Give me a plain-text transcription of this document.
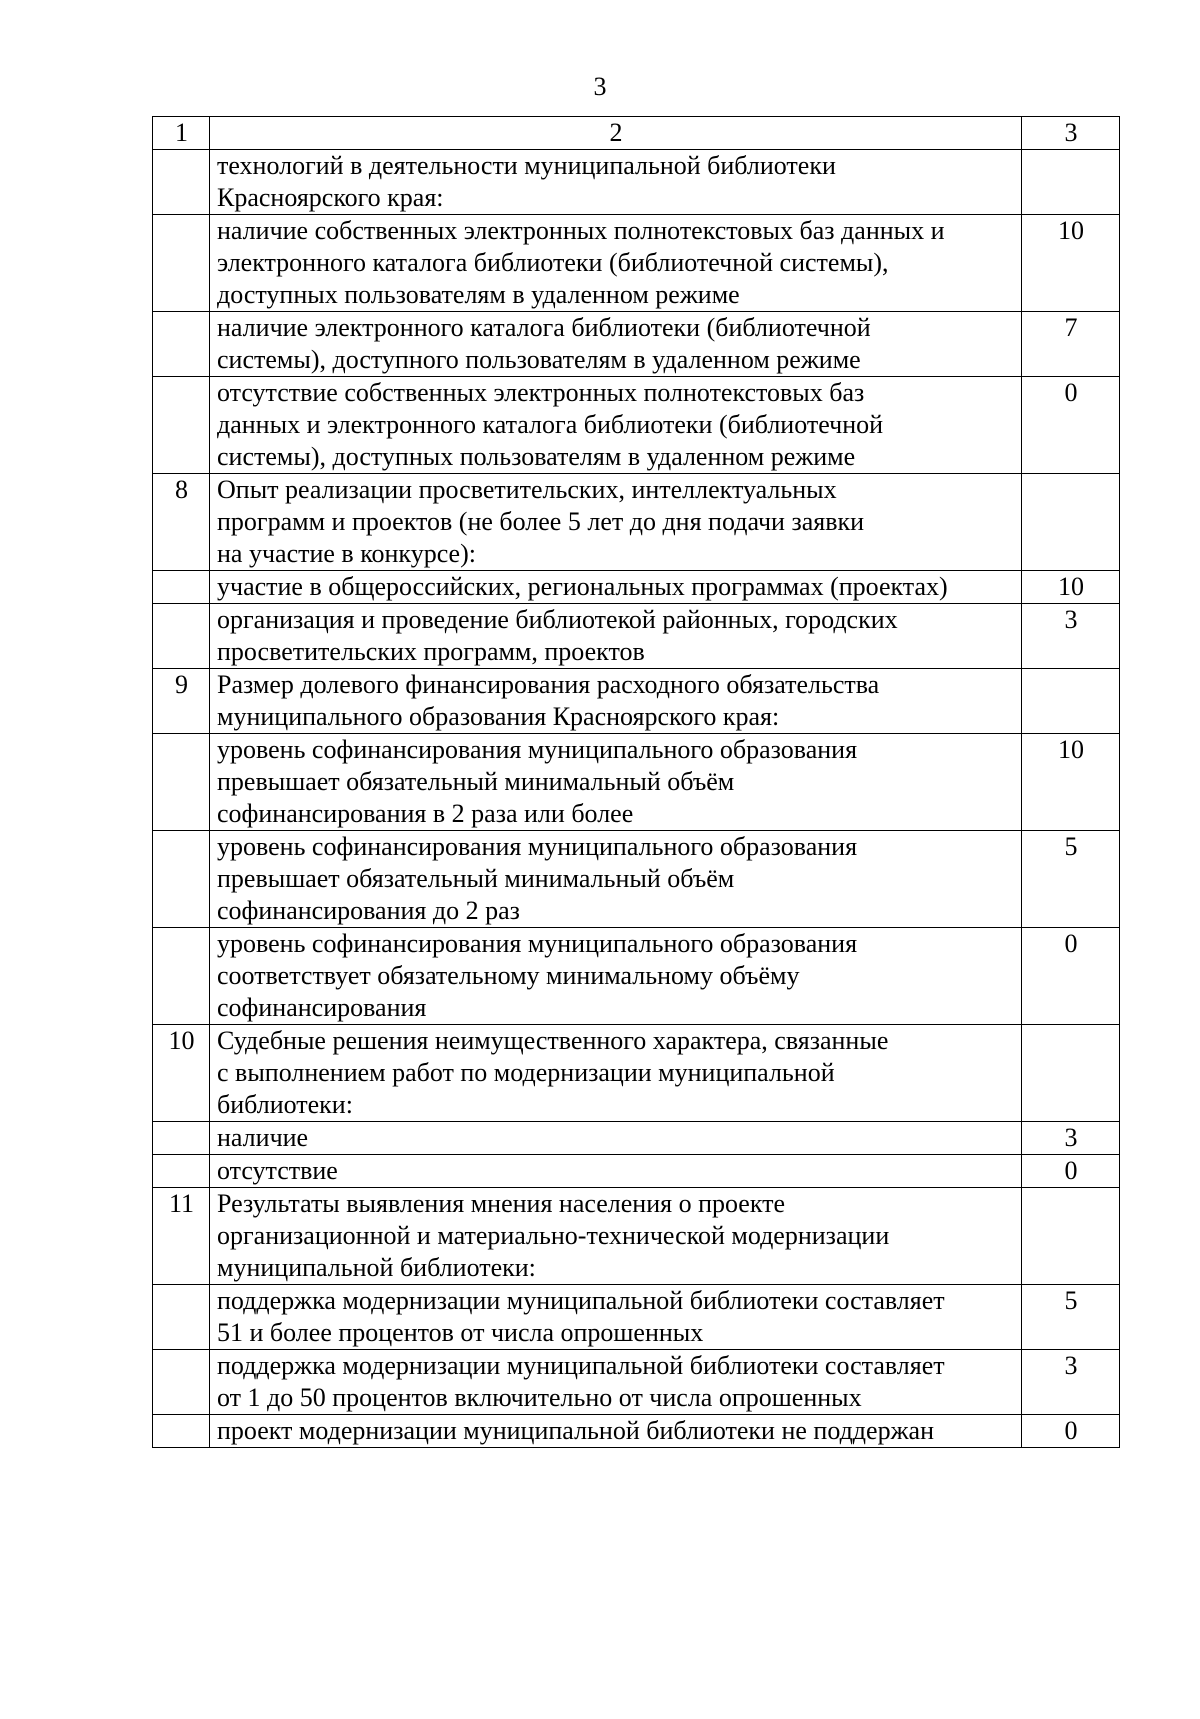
3
1	2	3
	технологий в деятельности муниципальной библиотеки
Красноярского края:	
	наличие собственных электронных полнотекстовых баз данных и
электронного каталога библиотеки (библиотечной системы),
доступных пользователям в удаленном режиме	10
	наличие электронного каталога библиотеки (библиотечной
системы), доступного пользователям в удаленном режиме	7
	отсутствие собственных электронных полнотекстовых баз
данных и электронного каталога библиотеки (библиотечной
системы), доступных пользователям в удаленном режиме	0
8	Опыт реализации просветительских, интеллектуальных
программ и проектов (не более 5 лет до дня подачи заявки
на участие в конкурсе):	
	участие в общероссийских, региональных программах (проектах)	10
	организация и проведение библиотекой районных, городских
просветительских программ, проектов	3
9	Размер долевого финансирования расходного обязательства
муниципального образования Красноярского края:	
	уровень софинансирования муниципального образования
превышает обязательный минимальный объём
софинансирования в 2 раза или более	10
	уровень софинансирования муниципального образования
превышает обязательный минимальный объём
софинансирования до 2 раз	5
	уровень софинансирования муниципального образования
соответствует обязательному минимальному объёму
софинансирования	0
10	Судебные решения неимущественного характера, связанные
с выполнением работ по модернизации муниципальной
библиотеки:	
	наличие	3
	отсутствие	0
11	Результаты выявления мнения населения о проекте
организационной и материально-технической модернизации
муниципальной библиотеки:	
	поддержка модернизации муниципальной библиотеки составляет
51 и более процентов от числа опрошенных	5
	поддержка модернизации муниципальной библиотеки составляет
от 1 до 50 процентов включительно от числа опрошенных	3
	проект модернизации муниципальной библиотеки не поддержан	0
